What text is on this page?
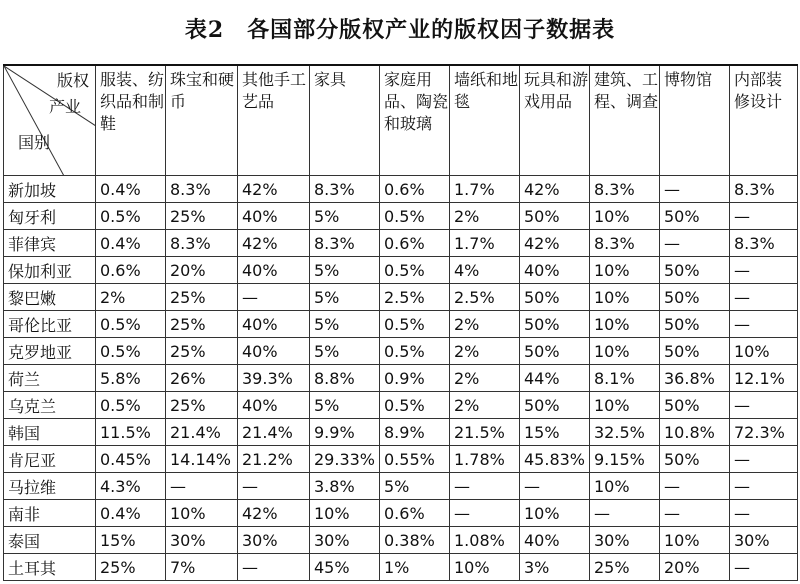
表2　各国部分版权产业的版权因子数据表
版权
产业
国别	服装、纺织品和制鞋	珠宝和硬币	其他手工艺品	家具	家庭用品、陶瓷和玻璃	墙纸和地毯	玩具和游戏用品	建筑、工程、调查	博物馆	内部装修设计
新加坡	0.4%	8.3%	42%	8.3%	0.6%	1.7%	42%	8.3%	—	8.3%
匈牙利	0.5%	25%	40%	5%	0.5%	2%	50%	10%	50%	—
菲律宾	0.4%	8.3%	42%	8.3%	0.6%	1.7%	42%	8.3%	—	8.3%
保加利亚	0.6%	20%	40%	5%	0.5%	4%	40%	10%	50%	—
黎巴嫩	2%	25%	—	5%	2.5%	2.5%	50%	10%	50%	—
哥伦比亚	0.5%	25%	40%	5%	0.5%	2%	50%	10%	50%	—
克罗地亚	0.5%	25%	40%	5%	0.5%	2%	50%	10%	50%	10%
荷兰	5.8%	26%	39.3%	8.8%	0.9%	2%	44%	8.1%	36.8%	12.1%
乌克兰	0.5%	25%	40%	5%	0.5%	2%	50%	10%	50%	—
韩国	11.5%	21.4%	21.4%	9.9%	8.9%	21.5%	15%	32.5%	10.8%	72.3%
肯尼亚	0.45%	14.14%	21.2%	29.33%	0.55%	1.78%	45.83%	9.15%	50%	—
马拉维	4.3%	—	—	3.8%	5%	—	—	10%	—	—
南非	0.4%	10%	42%	10%	0.6%	—	10%	—	—	—
泰国	15%	30%	30%	30%	0.38%	1.08%	40%	30%	10%	30%
土耳其	25%	7%	—	45%	1%	10%	3%	25%	20%	—
